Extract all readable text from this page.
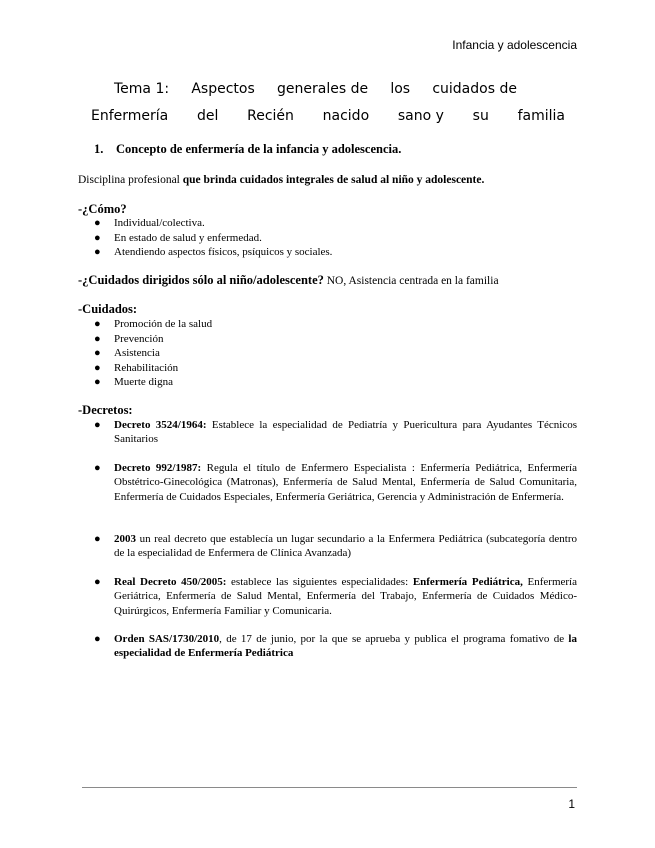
Infancia y adolescencia
Tema 1: Aspectos generales de los cuidados de
Enfermería del Recién nacido sano y su familia
1. Concepto de enfermería de la infancia y adolescencia.
Disciplina profesional que brinda cuidados integrales de salud al niño y adolescente.
-¿Cómo?
● Individual/colectiva.
● En estado de salud y enfermedad.
● Atendiendo aspectos físicos, psíquicos y sociales.
-¿Cuidados dirigidos sólo al niño/adolescente? NO, Asistencia centrada en la familia
-Cuidados:
● Promoción de la salud
● Prevención
● Asistencia
● Rehabilitación
● Muerte digna
-Decretos:
● Decreto 3524/1964: Establece la especialidad de Pediatría y Puericultura para Ayudantes Técnicos Sanitarios
● Decreto 992/1987: Regula el título de Enfermero Especialista : Enfermería Pediátrica, Enfermería Obstétrico-Ginecológica (Matronas), Enfermería de Salud Mental, Enfermería de Salud Comunitaria, Enfermería de Cuidados Especiales, Enfermería Geriátrica, Gerencia y Administración de Enfermería.
● 2003 un real decreto que establecía un lugar secundario a la Enfermera Pediátrica (subcategoría dentro de la especialidad de Enfermera de Clínica Avanzada)
● Real Decreto 450/2005: establece las siguientes especialidades: Enfermería Pediátrica, Enfermería Geriátrica, Enfermería de Salud Mental, Enfermería del Trabajo, Enfermería de Cuidados Médico-Quirúrgicos, Enfermería Familiar y Comunicaria.
● Orden SAS/1730/2010, de 17 de junio, por la que se aprueba y publica el programa fomativo de la especialidad de Enfermería Pediátrica
1
